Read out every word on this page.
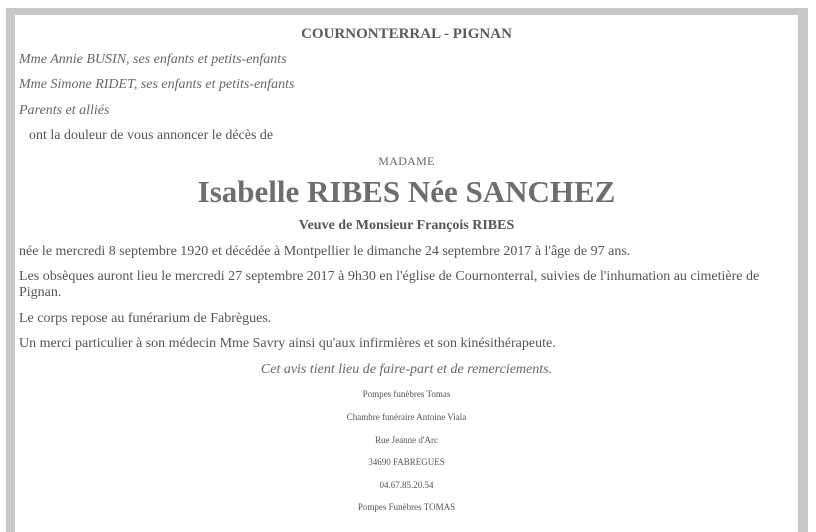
COURNONTERRAL - PIGNAN
Mme Annie BUSIN, ses enfants et petits-enfants
Mme Simone RIDET, ses enfants et petits-enfants
Parents et alliés
ont la douleur de vous annoncer le décès de
MADAME
Isabelle RIBES Née SANCHEZ
Veuve de Monsieur François RIBES
née le mercredi 8 septembre 1920 et décédée à Montpellier le dimanche 24 septembre 2017 à l'âge de 97 ans.
Les obsèques auront lieu le mercredi 27 septembre 2017 à 9h30 en l'église de Cournonterral, suivies de l'inhumation au cimetière de Pignan.
Le corps repose au funérarium de Fabrègues.
Un merci particulier à son médecin Mme Savry ainsi qu'aux infirmières et son kinésithérapeute.
Cet avis tient lieu de faire-part et de remerciements.
Pompes funèbres Tomas
Chambre funéraire Antoine Viala
Rue Jeanne d'Arc
34690 FABREGUES
04.67.85.20.54
Pompes Funèbres TOMAS
